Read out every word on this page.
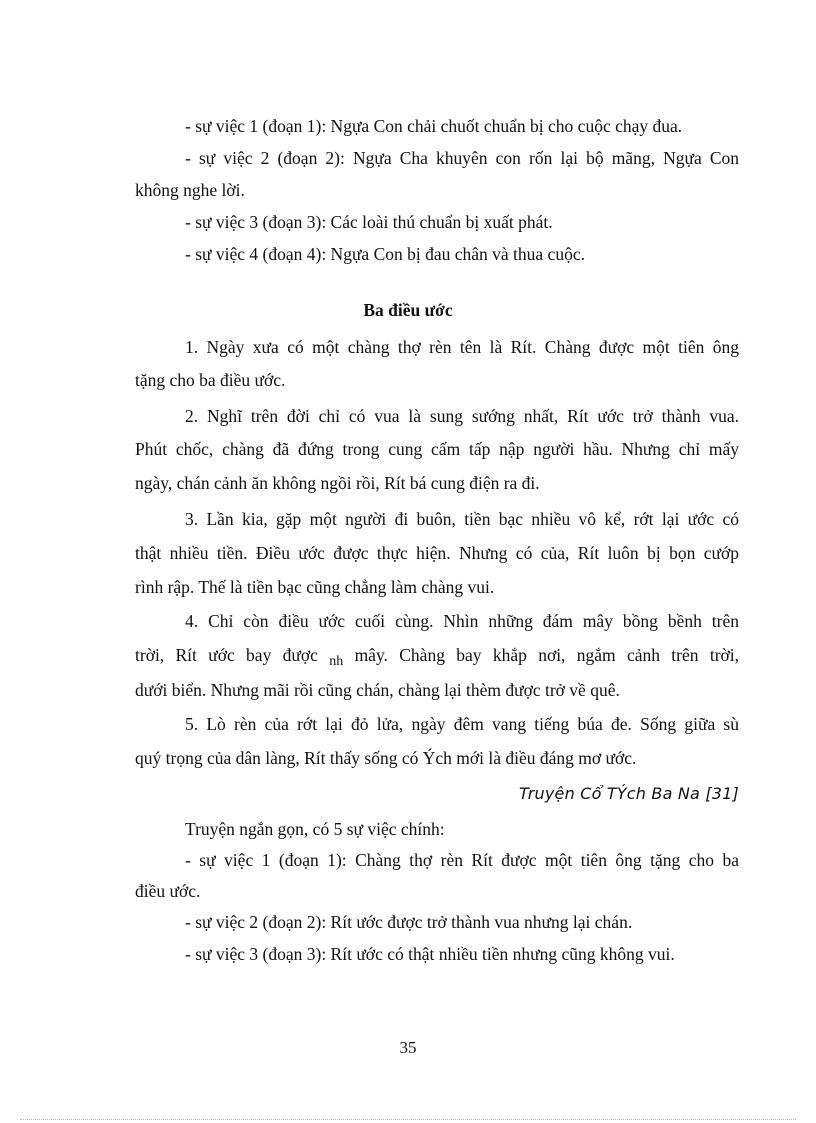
- sự việc 1 (đoạn 1): Ngựa Con chải chuốt chuẩn bị cho cuộc chạy đua.
- sự việc 2 (đoạn 2): Ngựa Cha khuyên con rốn lại bộ mãng, Ngựa Con
không nghe lời.
- sự việc 3 (đoạn 3): Các loài thú chuẩn bị xuất phát.
- sự việc 4 (đoạn 4): Ngựa Con bị đau chân và thua cuộc.
Ba điều ước
1. Ngày xưa có một chàng thợ rèn tên là Rít. Chàng được một tiên ông
tặng cho ba điều ước.
2. Nghĩ trên đời chỉ có vua là sung sướng nhất, Rít ước trở thành vua.
Phút chốc, chàng đã đứng trong cung cấm tấp nập người hầu. Nhưng chỉ mấy
ngày, chán cảnh ăn không ngồi rồi, Rít bá cung điện ra đi.
3. Lần kia, gặp một người đi buôn, tiền bạc nhiều vô kể, rớt lại ước có
thật nhiều tiền. Điều ước được thực hiện. Nhưng có của, Rít luôn bị bọn cướp
rình rập. Thế là tiền bạc cũng chẳng làm chàng vui.
4. Chỉ còn điều ước cuối cùng. Nhìn những đám mây bồng bềnh trên
trời, Rít ước bay được $_{nh}$ mây. Chàng bay khắp nơi, ngắm cảnh trên trời,
dưới biển. Nhưng mãi rồi cũng chán, chàng lại thèm được trở về quê.
5. Lò rèn của rớt lại đỏ lửa, ngày đêm vang tiếng búa đe. Sống giữa sù
quý trọng của dân làng, Rít thấy sống có Ých mới là điều đáng mơ ước.
Truyện Cổ TÝch Ba Na [31]
Truyện ngắn gọn, có 5 sự việc chính:
- sự việc 1 (đoạn 1): Chàng thợ rèn Rít được một tiên ông tặng cho ba
điều ước.
- sự việc 2 (đoạn 2): Rít ước được trở thành vua nhưng lại chán.
- sự việc 3 (đoạn 3): Rít ước có thật nhiều tiền nhưng cũng không vui.
35
